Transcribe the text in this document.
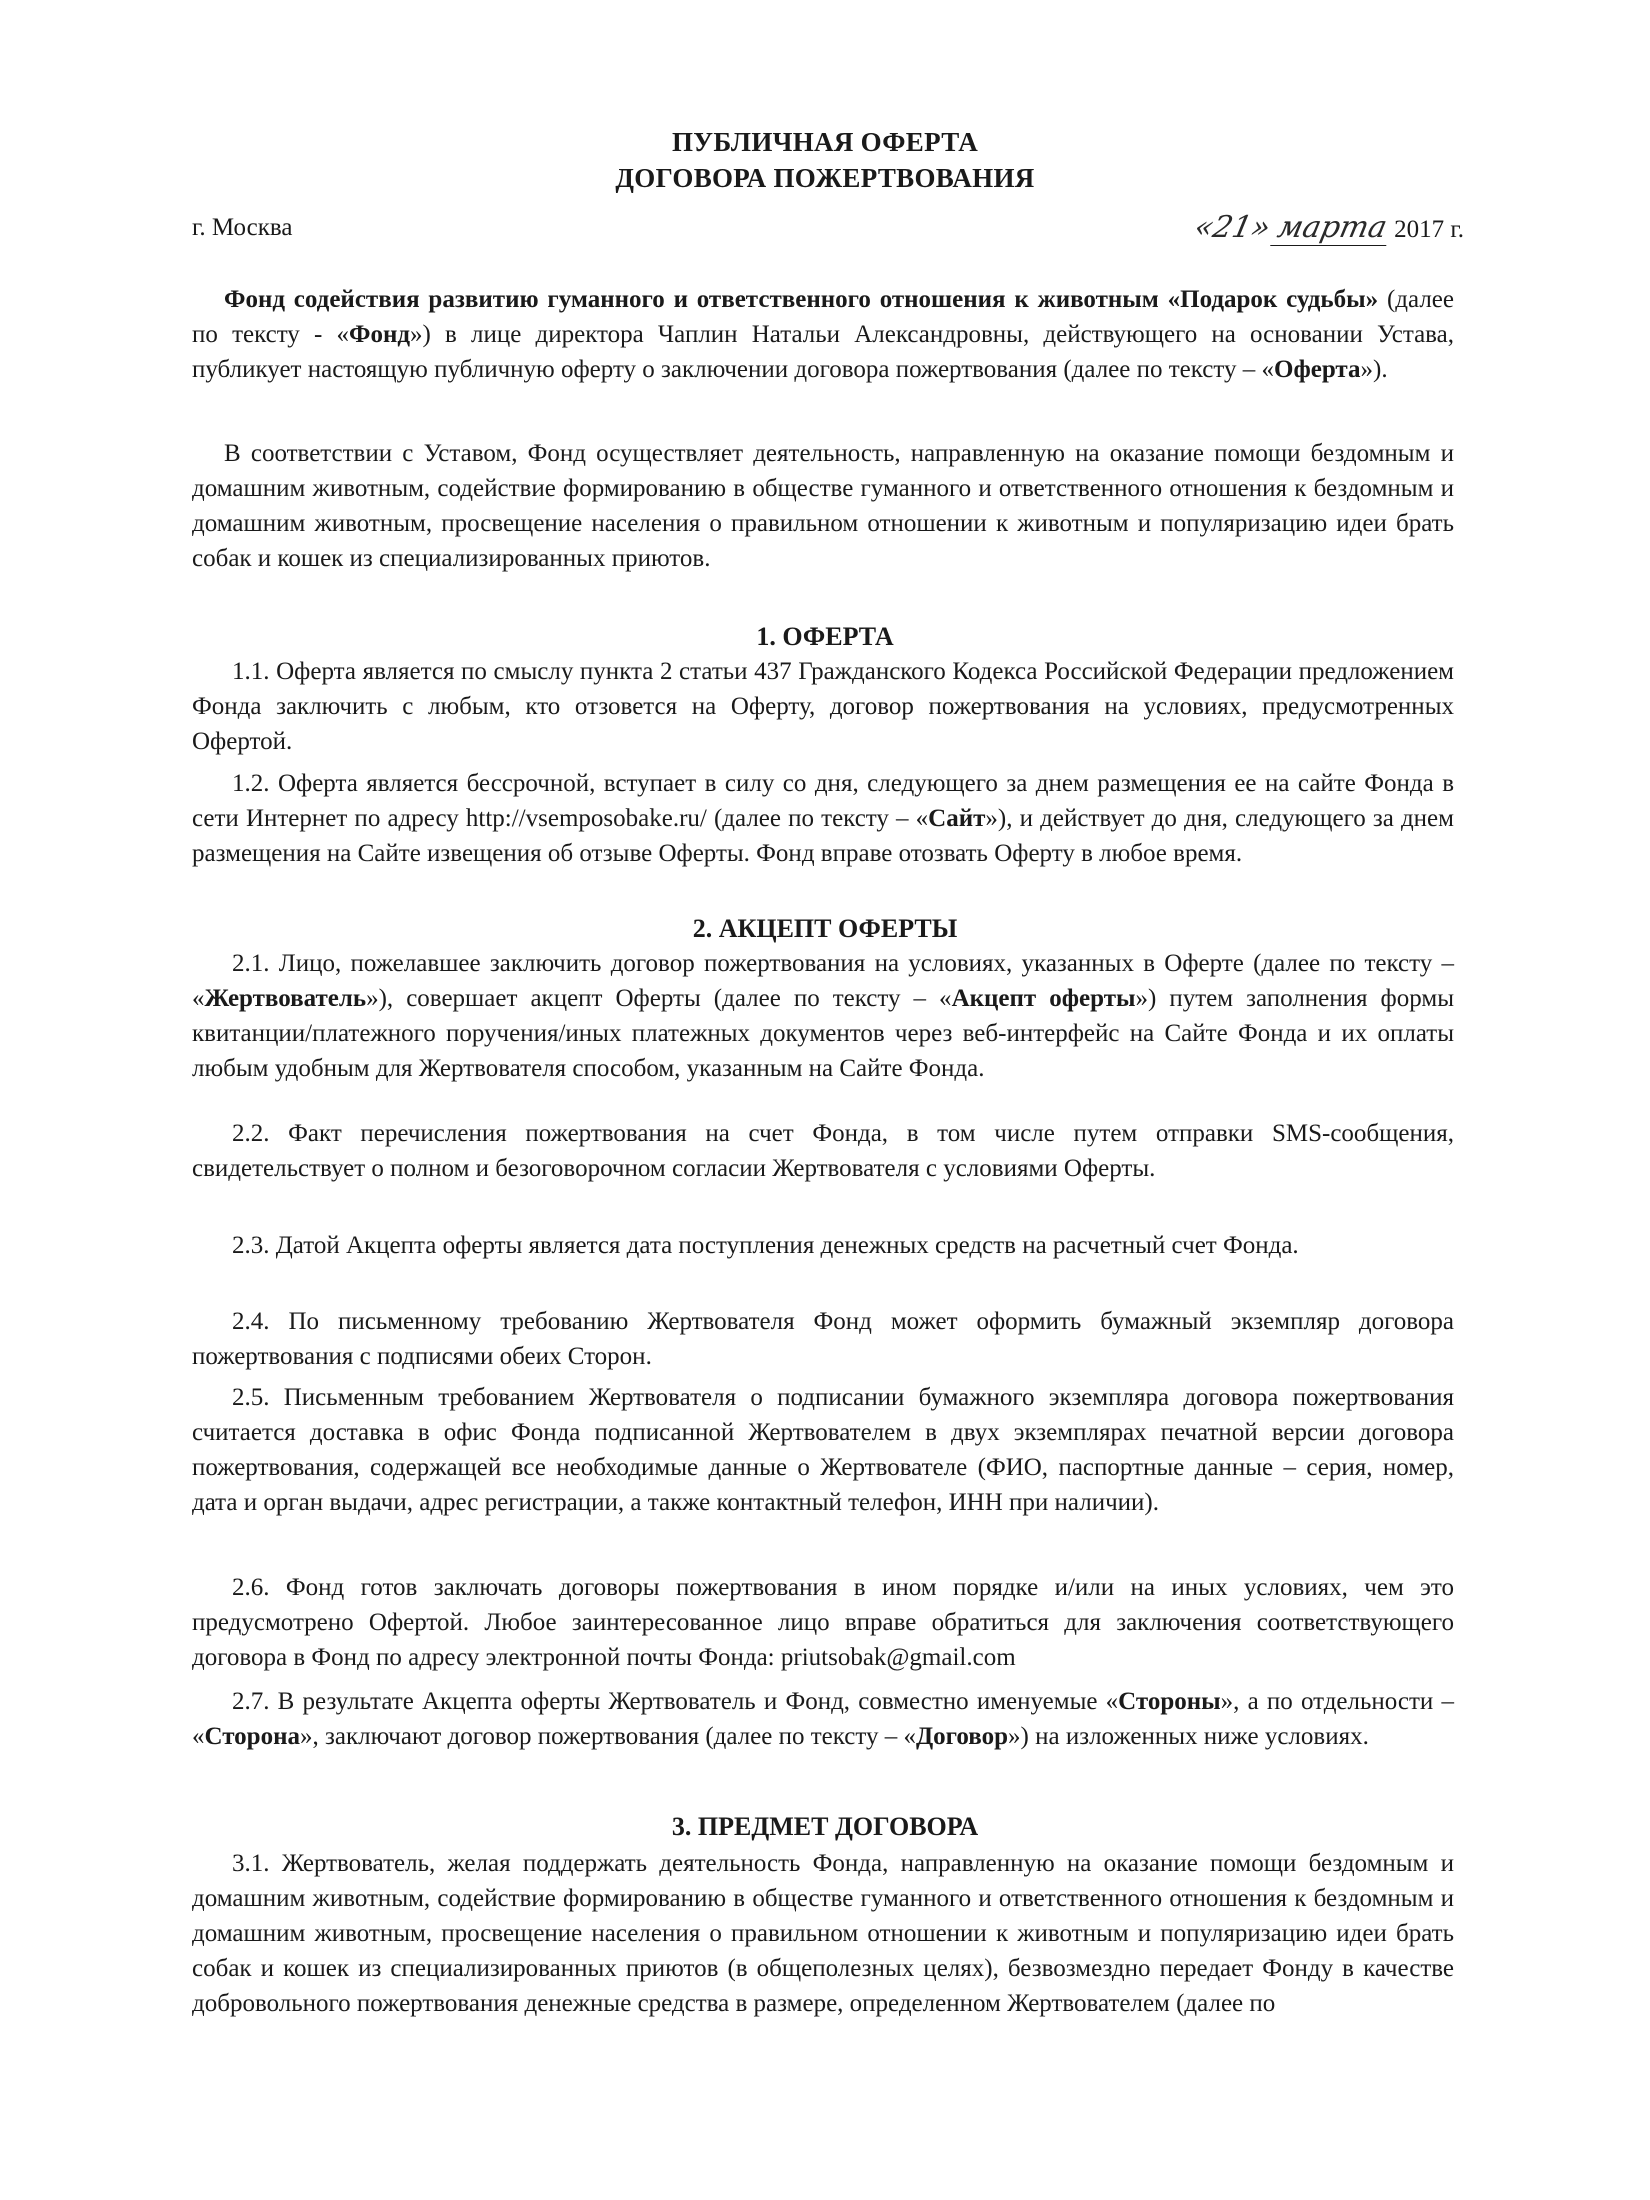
ПУБЛИЧНАЯ ОФЕРТА
ДОГОВОРА ПОЖЕРТВОВАНИЯ
г. Москва	«21» марта 2017 г.

Фонд содействия развитию гуманного и ответственного отношения к животным «Подарок судьбы» (далее по тексту - «Фонд») в лице директора Чаплин Натальи Александровны, действующего на основании Устава, публикует настоящую публичную оферту о заключении договора пожертвования (далее по тексту – «Оферта»).

В соответствии с Уставом, Фонд осуществляет деятельность, направленную на оказание помощи бездомным и домашним животным, содействие формированию в обществе гуманного и ответственного отношения к бездомным и домашним животным, просвещение населения о правильном отношении к животным и популяризацию идеи брать собак и кошек из специализированных приютов.

1. ОФЕРТА

1.1. Оферта является по смыслу пункта 2 статьи 437 Гражданского Кодекса Российской Федерации предложением Фонда заключить с любым, кто отзовется на Оферту, договор пожертвования на условиях, предусмотренных Офертой.

1.2. Оферта является бессрочной, вступает в силу со дня, следующего за днем размещения ее на сайте Фонда в сети Интернет по адресу http://vsemposobake.ru/ (далее по тексту – «Сайт»), и действует до дня, следующего за днем размещения на Сайте извещения об отзыве Оферты. Фонд вправе отозвать Оферту в любое время.

2. АКЦЕПТ ОФЕРТЫ

2.1. Лицо, пожелавшее заключить договор пожертвования на условиях, указанных в Оферте (далее по тексту – «Жертвователь»), совершает акцепт Оферты (далее по тексту – «Акцепт оферты») путем заполнения формы квитанции/платежного поручения/иных платежных документов через веб-интерфейс на Сайте Фонда и их оплаты любым удобным для Жертвователя способом, указанным на Сайте Фонда.

2.2. Факт перечисления пожертвования на счет Фонда, в том числе путем отправки SMS-сообщения, свидетельствует о полном и безоговорочном согласии Жертвователя с условиями Оферты.

2.3. Датой Акцепта оферты является дата поступления денежных средств на расчетный счет Фонда.

2.4. По письменному требованию Жертвователя Фонд может оформить бумажный экземпляр договора пожертвования с подписями обеих Сторон.

2.5. Письменным требованием Жертвователя о подписании бумажного экземпляра договора пожертвования считается доставка в офис Фонда подписанной Жертвователем в двух экземплярах печатной версии договора пожертвования, содержащей все необходимые данные о Жертвователе (ФИО, паспортные данные – серия, номер, дата и орган выдачи, адрес регистрации, а также контактный телефон, ИНН при наличии).

2.6. Фонд готов заключать договоры пожертвования в ином порядке и/или на иных условиях, чем это предусмотрено Офертой. Любое заинтересованное лицо вправе обратиться для заключения соответствующего договора в Фонд по адресу электронной почты Фонда: priutsobak@gmail.com

2.7. В результате Акцепта оферты Жертвователь и Фонд, совместно именуемые «Стороны», а по отдельности – «Сторона», заключают договор пожертвования (далее по тексту – «Договор») на изложенных ниже условиях.

3. ПРЕДМЕТ ДОГОВОРА

3.1. Жертвователь, желая поддержать деятельность Фонда, направленную на оказание помощи бездомным и домашним животным, содействие формированию в обществе гуманного и ответственного отношения к бездомным и домашним животным, просвещение населения о правильном отношении к животным и популяризацию идеи брать собак и кошек из специализированных приютов (в общеполезных целях), безвозмездно передает Фонду в качестве добровольного пожертвования денежные средства в размере, определенном Жертвователем (далее по
